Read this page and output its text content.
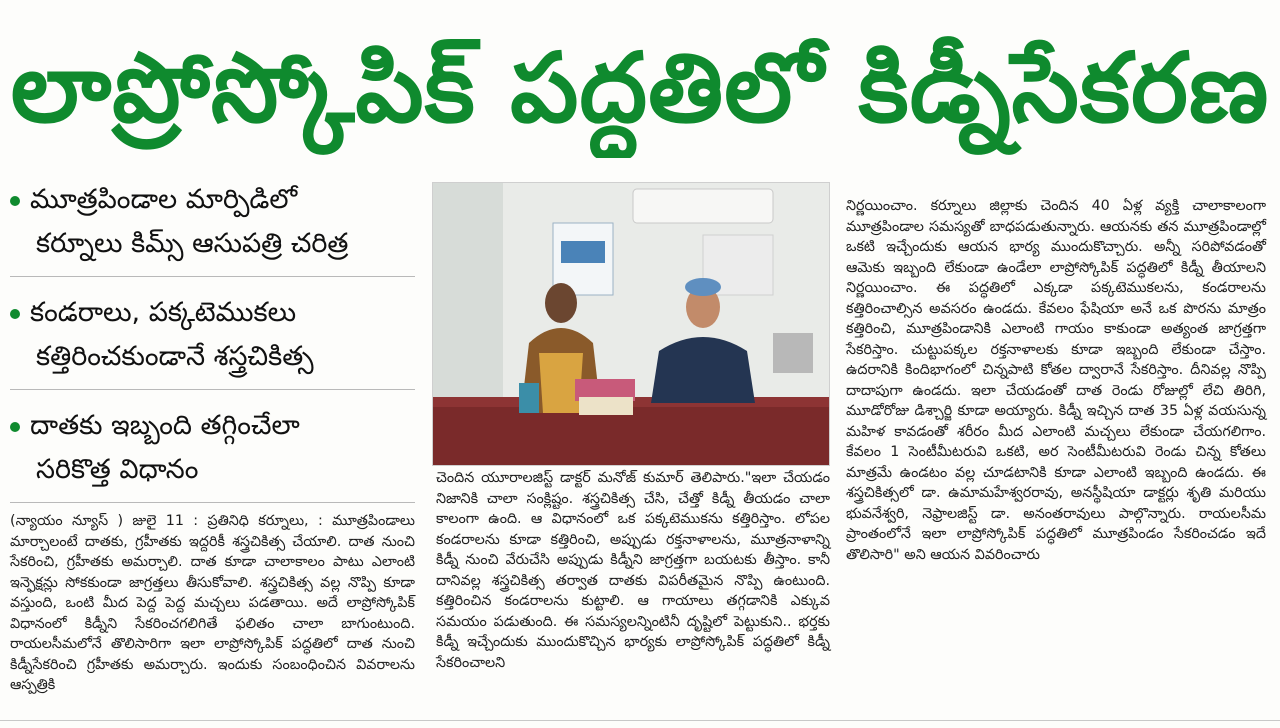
లాప్రోస్కోపిక్ పద్ధతిలో కిడ్నీసేకరణ
మూత్రపిండాల మార్పిడిలో
కర్నూలు కిమ్స్ ఆసుపత్రి చరిత్ర
కండరాలు, పక్కటెముకలు
కత్తిరించకుండానే శస్త్రచికిత్స
దాతకు ఇబ్బంది తగ్గించేలా
సరికొత్త విధానం
(న్యాయం న్యూస్ ) జులై 11 : ప్రతినిధి కర్నూలు, : మూత్రపిండాలు మార్చాలంటే దాతకు, గ్రహీతకు ఇద్దరికీ శస్త్రచికిత్స చేయాలి. దాత నుంచి సేకరించి, గ్రహీతకు అమర్చాలి. దాత కూడా చాలాకాలం పాటు ఎలాంటి ఇన్ఫెక్షన్లు సోకకుండా జాగ్రత్తలు తీసుకోవాలి. శస్త్రచికిత్స వల్ల నొప్పి కూడా వస్తుంది, ఒంటి మీద పెద్ద పెద్ద మచ్చలు పడతాయి. అదే లాప్రోస్కోపిక్ విధానంలో కిడ్నీని సేకరించగలిగితే ఫలితం చాలా బాగుంటుంది. రాయలసీమలోనే తొలిసారిగా ఇలా లాప్రోస్కోపిక్ పద్ధతిలో దాత నుంచి కిడ్నీసేకరించి గ్రహీతకు అమర్చారు. ఇందుకు సంబంధించిన వివరాలను ఆస్పత్రికి
చెందిన యూరాలజిస్ట్ డాక్టర్ మనోజ్ కుమార్ తెలిపారు."ఇలా చేయడం నిజానికి చాలా సంక్లిష్టం. శస్త్రచికిత్స చేసి, చేత్తో కిడ్నీ తీయడం చాలా కాలంగా ఉంది. ఆ విధానంలో ఒక పక్కటెముకను కత్తిరిస్తాం. లోపల కండరాలను కూడా కత్తిరించి, అప్పుడు రక్తనాళాలను, మూత్రనాళాన్ని కిడ్నీ నుంచి వేరుచేసి అప్పుడు కిడ్నీని జాగ్రత్తగా బయటకు తీస్తాం. కానీ దానివల్ల శస్త్రచికిత్స తర్వాత దాతకు విపరీతమైన నొప్పి ఉంటుంది. కత్తిరించిన కండరాలను కుట్టాలి. ఆ గాయాలు తగ్గడానికి ఎక్కువ సమయం పడుతుంది. ఈ సమస్యలన్నింటినీ దృష్టిలో పెట్టుకుని.. భర్తకు కిడ్నీ ఇచ్చేందుకు ముందుకొచ్చిన భార్యకు లాప్రోస్కోపిక్ పద్ధతిలో కిడ్నీ సేకరించాలని
నిర్ణయించాం. కర్నూలు జిల్లాకు చెందిన 40 ఏళ్ల వ్యక్తి చాలాకాలంగా మూత్రపిండాల సమస్యతో బాధపడుతున్నారు. ఆయనకు తన మూత్రపిండాల్లో ఒకటి ఇచ్చేందుకు ఆయన భార్య ముందుకొచ్చారు. అన్నీ సరిపోవడంతో ఆమెకు ఇబ్బంది లేకుండా ఉండేలా లాప్రోస్కోపిక్ పద్ధతిలో కిడ్నీ తీయాలని నిర్ణయించాం. ఈ పద్ధతిలో ఎక్కడా పక్కటెముకలను, కండరాలను కత్తిరించాల్సిన అవసరం ఉండదు. కేవలం ఫేషియా అనే ఒక పొరను మాత్రం కత్తిరించి, మూత్రపిండానికి ఎలాంటి గాయం కాకుండా అత్యంత జాగ్రత్తగా సేకరిస్తాం. చుట్టుపక్కల రక్తనాళాలకు కూడా ఇబ్బంది లేకుండా చేస్తాం. ఉదరానికి కిందిభాగంలో చిన్నపాటి కోతల ద్వారానే సేకరిస్తాం. దీనివల్ల నొప్పి దాదాపుగా ఉండదు. ఇలా చేయడంతో దాత రెండు రోజుల్లో లేచి తిరిగి, మూడోరోజు డిశ్చార్జి కూడా అయ్యారు. కిడ్నీ ఇచ్చిన దాత 35 ఏళ్ల వయసున్న మహిళ కావడంతో శరీరం మీద ఎలాంటి మచ్చలు లేకుండా చేయగలిగాం. కేవలం 1 సెంటీమీటరువి ఒకటి, అర సెంటీమీటరువి రెండు చిన్న కోతలు మాత్రమే ఉండటం వల్ల చూడటానికి కూడా ఎలాంటి ఇబ్బంది ఉండదు. ఈ శస్త్రచికిత్సలో డా. ఉమామహేశ్వరరావు, అనస్థీషియా డాక్టర్లు శృతి మరియు భువనేశ్వరి, నెఫ్రాలజిస్ట్ డా. అనంతరావులు పాల్గొన్నారు. రాయలసీమ ప్రాంతంలోనే ఇలా లాప్రోస్కోపిక్ పద్ధతిలో మూత్రపిండం సేకరించడం ఇదే తొలిసారి" అని ఆయన వివరించారు
